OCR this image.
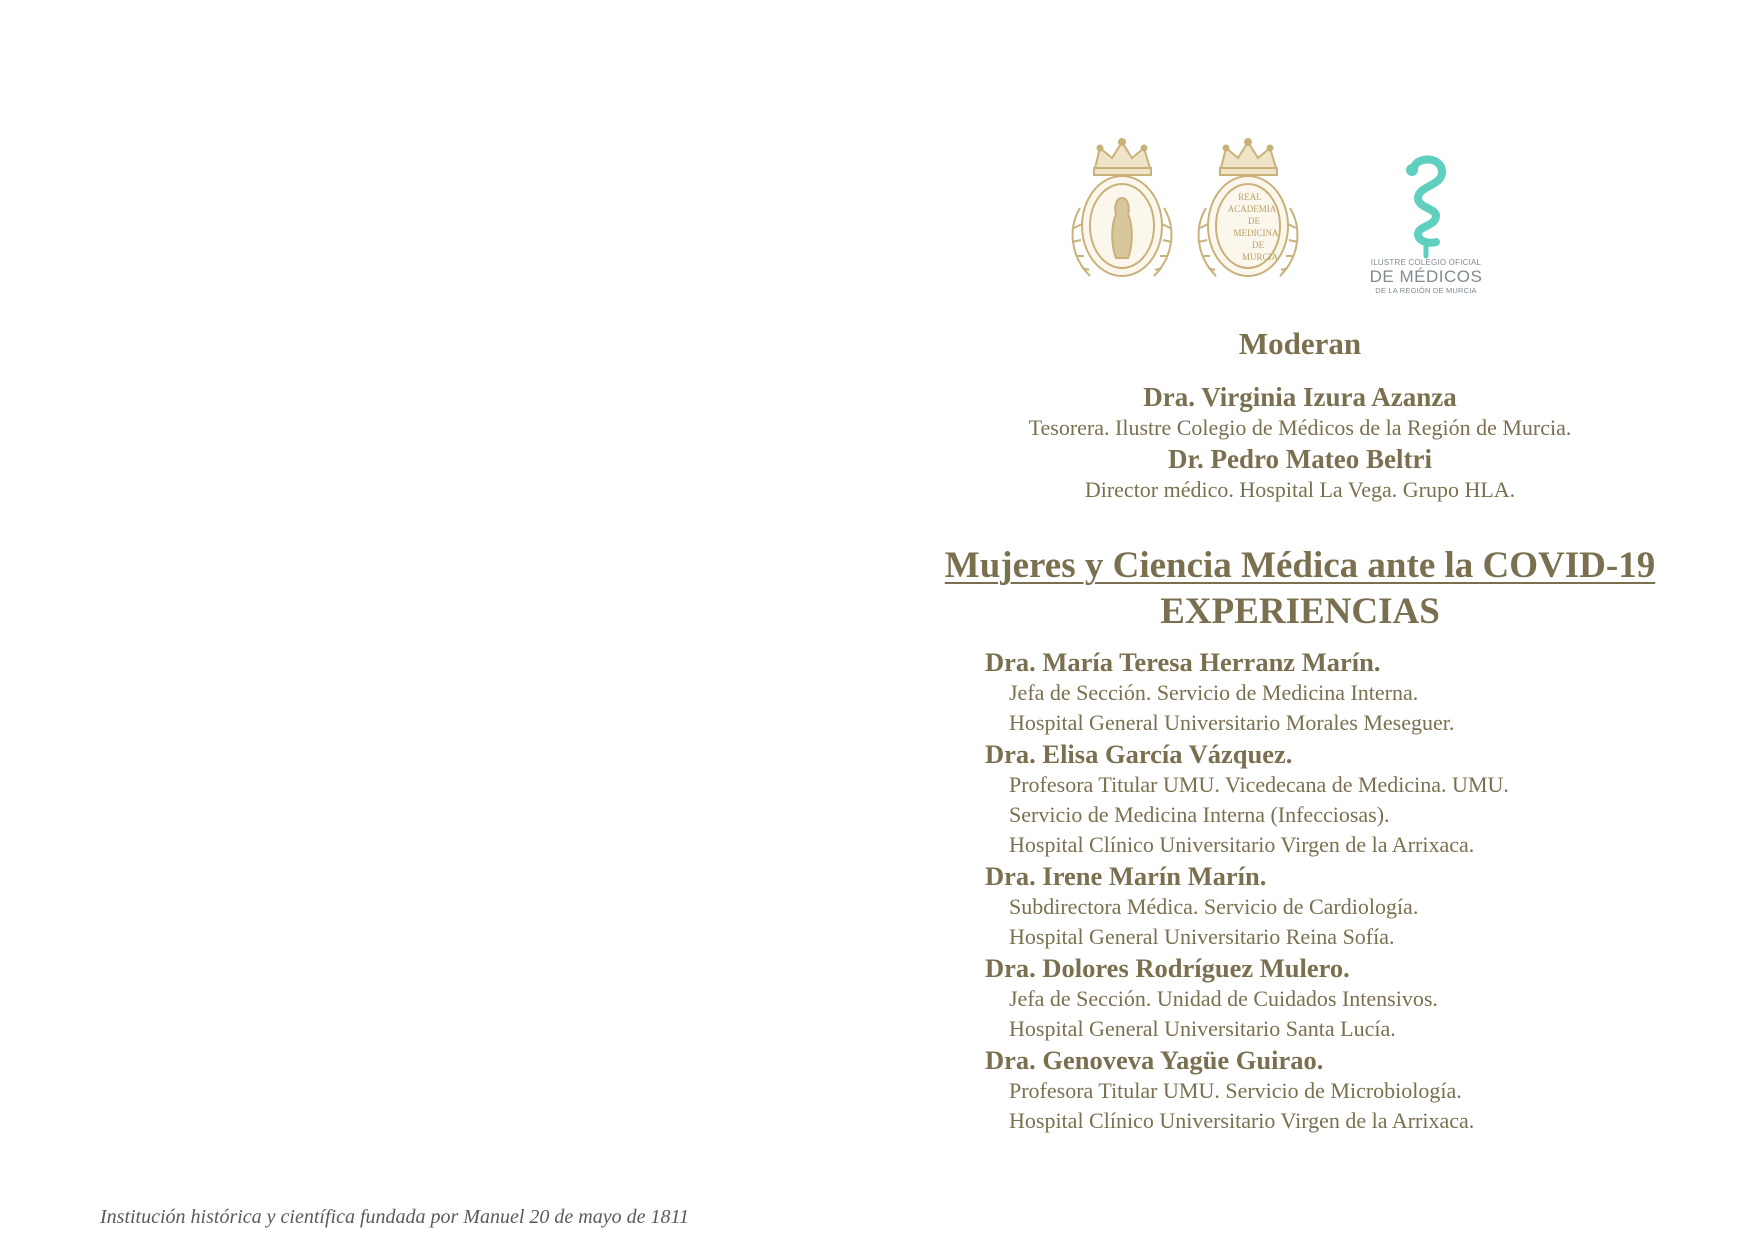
REAL
ACADEMIA
DE
MEDICINA
DE
MURCIA
ILUSTRE COLEGIO OFICIAL
DE MÉDICOS
DE LA REGIÓN DE MURCIA
Moderan
Dra. Virginia Izura Azanza
Tesorera. Ilustre Colegio de Médicos de la Región de Murcia.
Dr. Pedro Mateo Beltri
Director médico. Hospital La Vega. Grupo HLA.
Mujeres y Ciencia Médica ante la COVID-19
EXPERIENCIAS

Dra. María Teresa Herranz Marín.

Jefa de Sección. Servicio de Medicina Interna.

Hospital General Universitario Morales Meseguer.

Dra. Elisa García Vázquez.

Profesora Titular UMU. Vicedecana de Medicina. UMU.

Servicio de Medicina Interna (Infecciosas).

Hospital Clínico Universitario Virgen de la Arrixaca.

Dra. Irene Marín Marín.

Subdirectora Médica. Servicio de Cardiología.

Hospital General Universitario Reina Sofía.

Dra. Dolores Rodríguez Mulero.

Jefa de Sección. Unidad de Cuidados Intensivos.

Hospital General Universitario Santa Lucía.

Dra. Genoveva Yagüe Guirao.

Profesora Titular UMU. Servicio de Microbiología.

Hospital Clínico Universitario Virgen de la Arrixaca.

Institución histórica y científica fundada por Manuel 20 de mayo de 1811
